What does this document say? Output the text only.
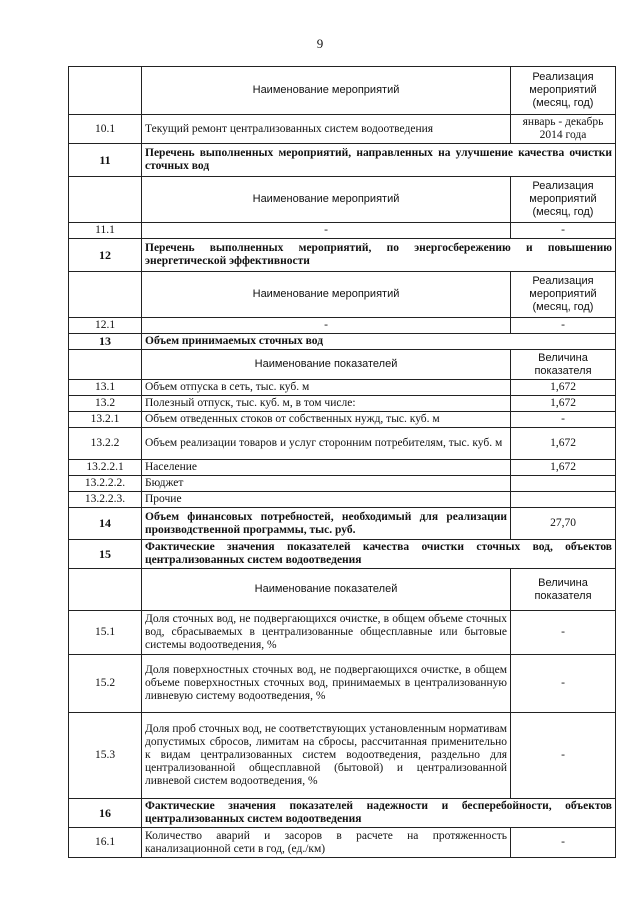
9
	Наименование мероприятий	Реализация мероприятий (месяц, год)
10.1	Текущий ремонт централизованных систем водоотведения	январь - декабрь 2014 года
11	Перечень выполненных мероприятий, направленных на улучшение качества очистки сточных вод	
	Наименование мероприятий	Реализация мероприятий (месяц, год)
11.1	-	-
12	Перечень выполненных мероприятий, по энергосбережению и повышению энергетической эффективности	
	Наименование мероприятий	Реализация мероприятий (месяц, год)
12.1	-	-
13	Объем принимаемых сточных вод	
	Наименование показателей	Величина показателя
13.1	Объем отпуска в сеть, тыс. куб. м	1,672
13.2	Полезный отпуск, тыс. куб. м, в том числе:	1,672
13.2.1	Объем отведенных стоков от собственных нужд, тыс. куб. м	-
13.2.2	Объем реализации товаров и услуг сторонним потребителям, тыс. куб. м	1,672
13.2.2.1	Население	1,672
13.2.2.2.	Бюджет	
13.2.2.3.	Прочие	
14	Объем финансовых потребностей, необходимый для реализации производственной программы, тыс. руб.	27,70
15	Фактические значения показателей качества очистки сточных вод, объектов централизованных систем водоотведения	
	Наименование показателей	Величина показателя
15.1	Доля сточных вод, не подвергающихся очистке, в общем объеме сточных вод, сбрасываемых в централизованные общесплавные или бытовые системы водоотведения, %	-
15.2	Доля поверхностных сточных вод, не подвергающихся очистке, в общем объеме поверхностных сточных вод, принимаемых в централизованную ливневую систему водоотведения, %	-
15.3	Доля проб сточных вод, не соответствующих установленным нормативам допустимых сбросов, лимитам на сбросы, рассчитанная применительно к видам централизованных систем водоотведения, раздельно для централизованной общесплавной (бытовой) и централизованной ливневой систем водоотведения, %	-
16	Фактические значения показателей надежности и бесперебойности, объектов централизованных систем водоотведения	
16.1	Количество аварий и засоров в расчете на протяженность канализационной сети в год, (ед./км)	-
